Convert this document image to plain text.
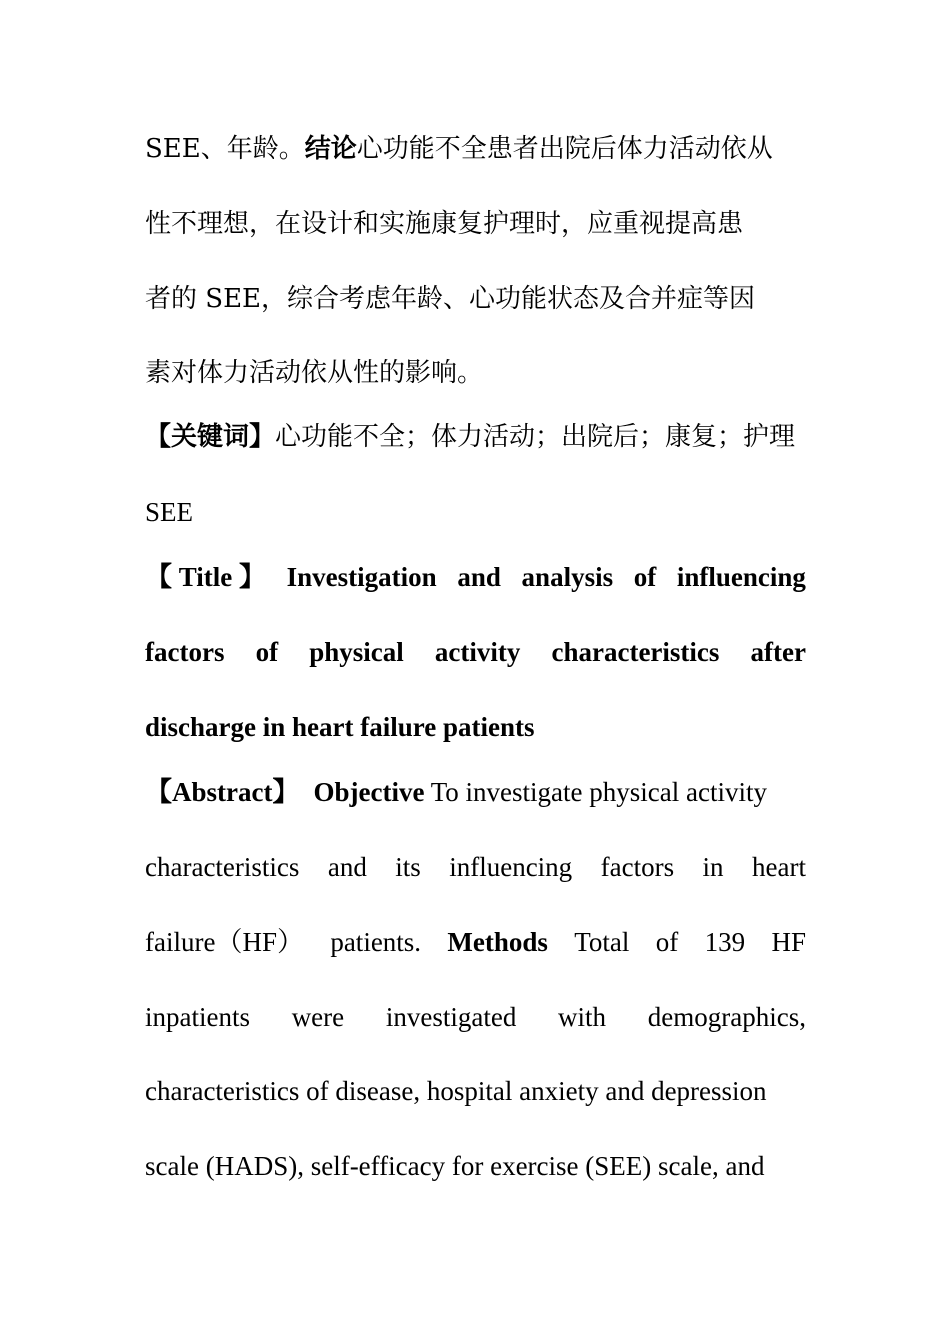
SEE、年龄。结论心功能不全患者出院后体力活动依从
性不理想，在设计和实施康复护理时，应重视提高患
者的 SEE，综合考虑年龄、心功能状态及合并症等因
素对体力活动依从性的影响。
【关键词】心功能不全；体力活动；出院后；康复；护理
SEE
【 Title 】 Investigation and analysis of influencing
factors of physical activity characteristics after
discharge in heart failure patients
【Abstract】 Objective To investigate physical activity
characteristics and its influencing factors in heart
failure（HF） patients. Methods Total of 139 HF
inpatients were investigated with demographics,
characteristics of disease, hospital anxiety and depression
scale (HADS), self-efficacy for exercise (SEE) scale, and
